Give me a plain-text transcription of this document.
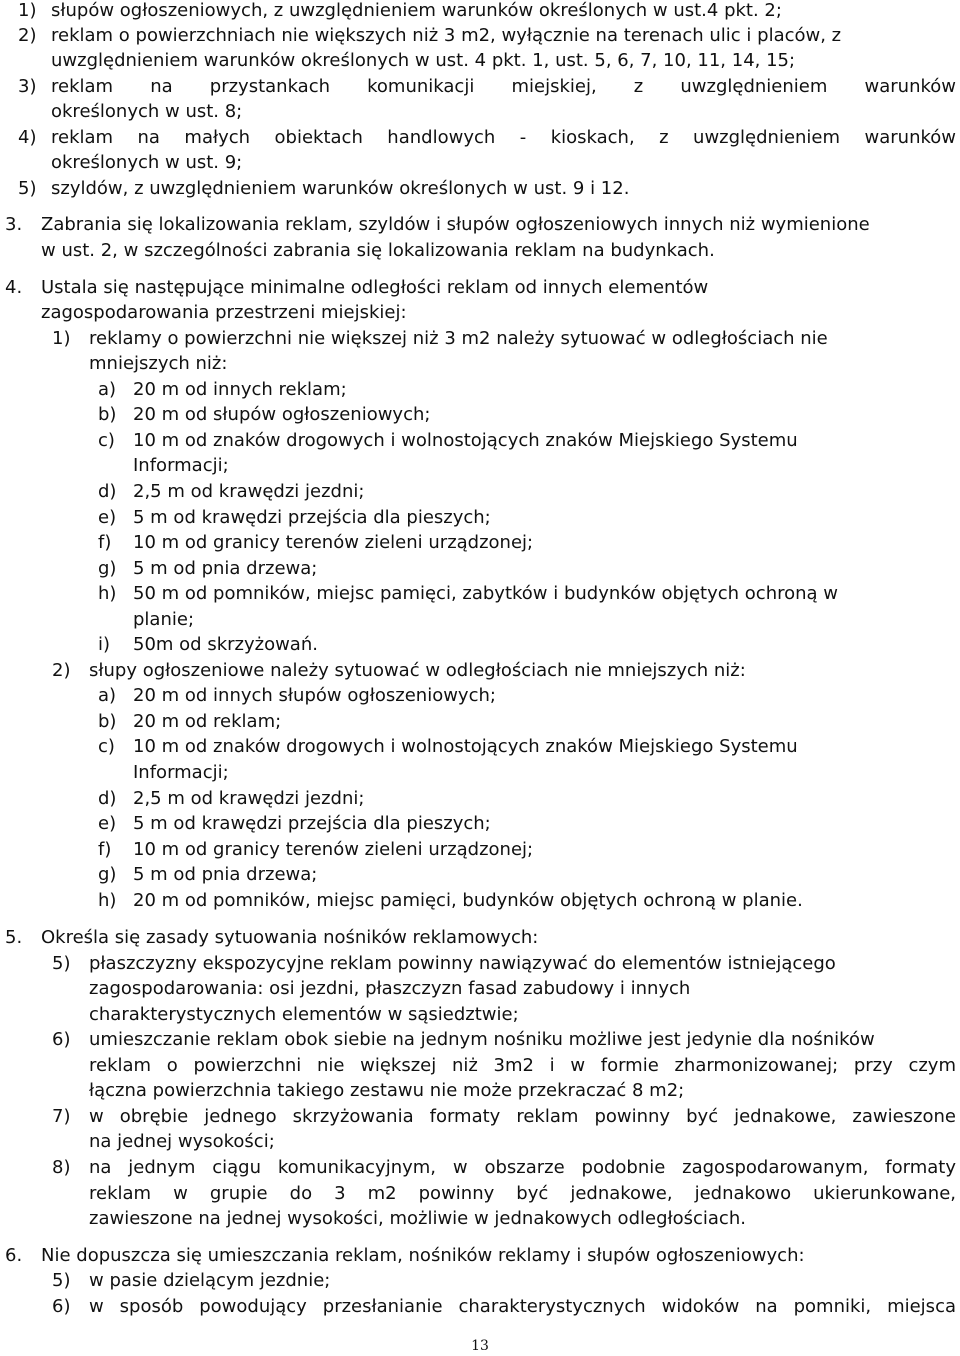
1) słupów ogłoszeniowych, z uwzględnieniem warunków określonych w ust.4 pkt. 2;
2) reklam o powierzchniach nie większych niż 3 m2, wyłącznie na terenach ulic i placów, z
uwzględnieniem warunków określonych w ust. 4 pkt. 1, ust. 5, 6, 7, 10, 11, 14, 15;
3) reklam na przystankach komunikacji miejskiej, z uwzględnieniem warunków
określonych w ust. 8;
4) reklam na małych obiektach handlowych - kioskach, z uwzględnieniem warunków
określonych w ust. 9;
5) szyldów, z uwzględnieniem warunków określonych w ust. 9 i 12.
3. Zabrania się lokalizowania reklam, szyldów i słupów ogłoszeniowych innych niż wymienione
w ust. 2, w szczególności zabrania się lokalizowania reklam na budynkach.
4. Ustala się następujące minimalne odległości reklam od innych elementów
zagospodarowania przestrzeni miejskiej:
1) reklamy o powierzchni nie większej niż 3 m2 należy sytuować w odległościach nie
mniejszych niż:
a) 20 m od innych reklam;
b) 20 m od słupów ogłoszeniowych;
c) 10 m od znaków drogowych i wolnostojących znaków Miejskiego Systemu
Informacji;
d) 2,5 m od krawędzi jezdni;
e) 5 m od krawędzi przejścia dla pieszych;
f) 10 m od granicy terenów zieleni urządzonej;
g) 5 m od pnia drzewa;
h) 50 m od pomników, miejsc pamięci, zabytków i budynków objętych ochroną w
planie;
i) 50m od skrzyżowań.
2) słupy ogłoszeniowe należy sytuować w odległościach nie mniejszych niż:
a) 20 m od innych słupów ogłoszeniowych;
b) 20 m od reklam;
c) 10 m od znaków drogowych i wolnostojących znaków Miejskiego Systemu
Informacji;
d) 2,5 m od krawędzi jezdni;
e) 5 m od krawędzi przejścia dla pieszych;
f) 10 m od granicy terenów zieleni urządzonej;
g) 5 m od pnia drzewa;
h) 20 m od pomników, miejsc pamięci, budynków objętych ochroną w planie.
5. Określa się zasady sytuowania nośników reklamowych:
5) płaszczyzny ekspozycyjne reklam powinny nawiązywać do elementów istniejącego
zagospodarowania: osi jezdni, płaszczyzn fasad zabudowy i innych
charakterystycznych elementów w sąsiedztwie;
6) umieszczanie reklam obok siebie na jednym nośniku możliwe jest jedynie dla nośników
reklam o powierzchni nie większej niż 3m2 i w formie zharmonizowanej; przy czym
łączna powierzchnia takiego zestawu nie może przekraczać 8 m2;
7) w obrębie jednego skrzyżowania formaty reklam powinny być jednakowe, zawieszone
na jednej wysokości;
8) na jednym ciągu komunikacyjnym, w obszarze podobnie zagospodarowanym, formaty
reklam w grupie do 3 m2 powinny być jednakowe, jednakowo ukierunkowane,
zawieszone na jednej wysokości, możliwie w jednakowych odległościach.
6. Nie dopuszcza się umieszczania reklam, nośników reklamy i słupów ogłoszeniowych:
5) w pasie dzielącym jezdnie;
6) w sposób powodujący przesłanianie charakterystycznych widoków na pomniki, miejsca
13
